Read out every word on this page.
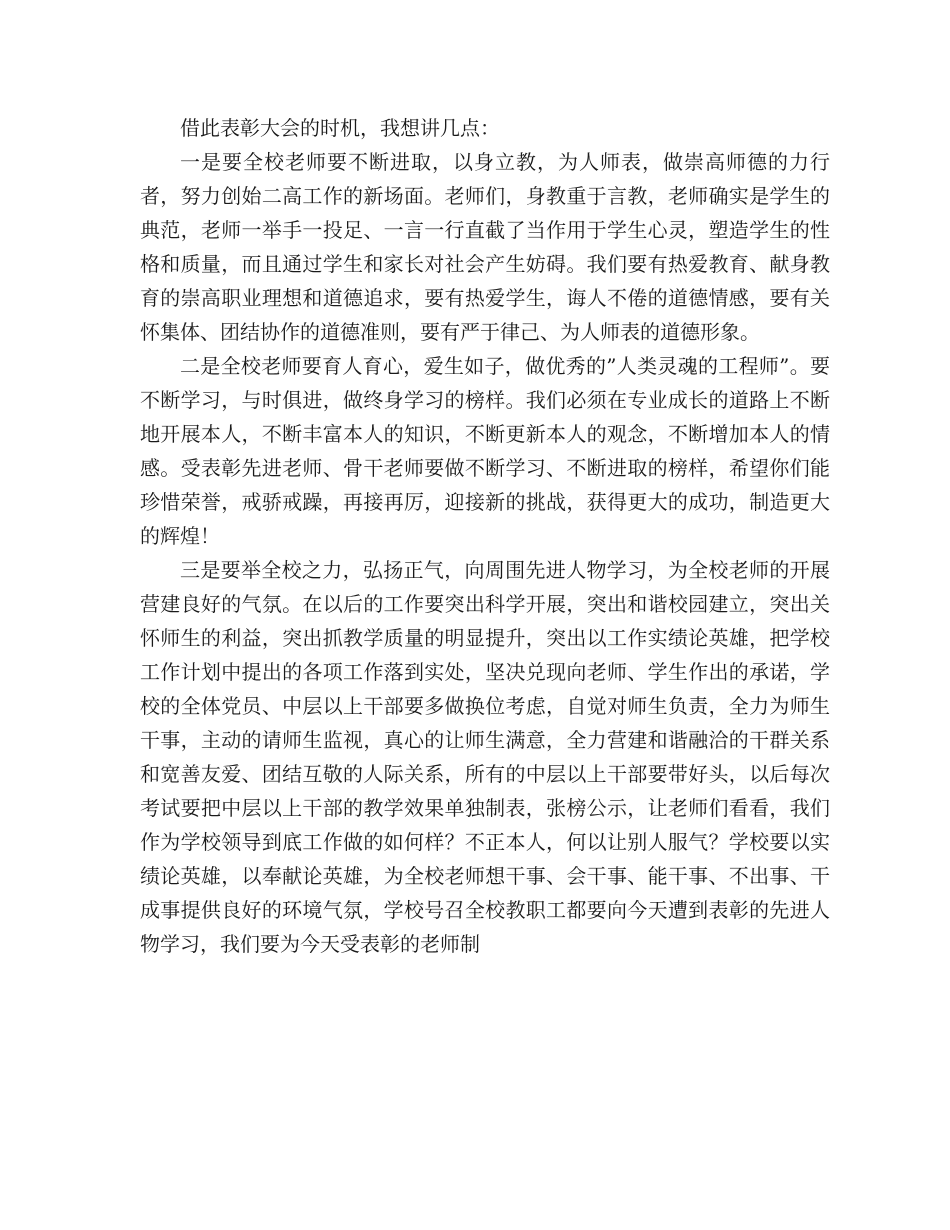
借此表彰大会的时机，我想讲几点：

一是要全校老师要不断进取，以身立教，为人师表，做崇高师德的力行者，努力创始二高工作的新场面。老师们，身教重于言教，老师确实是学生的典范，老师一举手一投足、一言一行直截了当作用于学生心灵，塑造学生的性格和质量，而且通过学生和家长对社会产生妨碍。我们要有热爱教育、献身教育的崇高职业理想和道德追求，要有热爱学生，诲人不倦的道德情感，要有关怀集体、团结协作的道德准则，要有严于律己、为人师表的道德形象。

二是全校老师要育人育心，爱生如子，做优秀的”人类灵魂的工程师”。要不断学习，与时俱进，做终身学习的榜样。我们必须在专业成长的道路上不断地开展本人，不断丰富本人的知识，不断更新本人的观念，不断增加本人的情感。受表彰先进老师、骨干老师要做不断学习、不断进取的榜样，希望你们能珍惜荣誉，戒骄戒躁，再接再厉，迎接新的挑战，获得更大的成功，制造更大的辉煌！

三是要举全校之力，弘扬正气，向周围先进人物学习，为全校老师的开展营建良好的气氛。在以后的工作要突出科学开展，突出和谐校园建立，突出关怀师生的利益，突出抓教学质量的明显提升，突出以工作实绩论英雄，把学校工作计划中提出的各项工作落到实处，坚决兑现向老师、学生作出的承诺，学校的全体党员、中层以上干部要多做换位考虑，自觉对师生负责，全力为师生干事，主动的请师生监视，真心的让师生满意，全力营建和谐融洽的干群关系和宽善友爱、团结互敬的人际关系，所有的中层以上干部要带好头，以后每次考试要把中层以上干部的教学效果单独制表，张榜公示，让老师们看看，我们作为学校领导到底工作做的如何样？不正本人，何以让别人服气？学校要以实绩论英雄，以奉献论英雄，为全校老师想干事、会干事、能干事、不出事、干成事提供良好的环境气氛，学校号召全校教职工都要向今天遭到表彰的先进人物学习，我们要为今天受表彰的老师制
